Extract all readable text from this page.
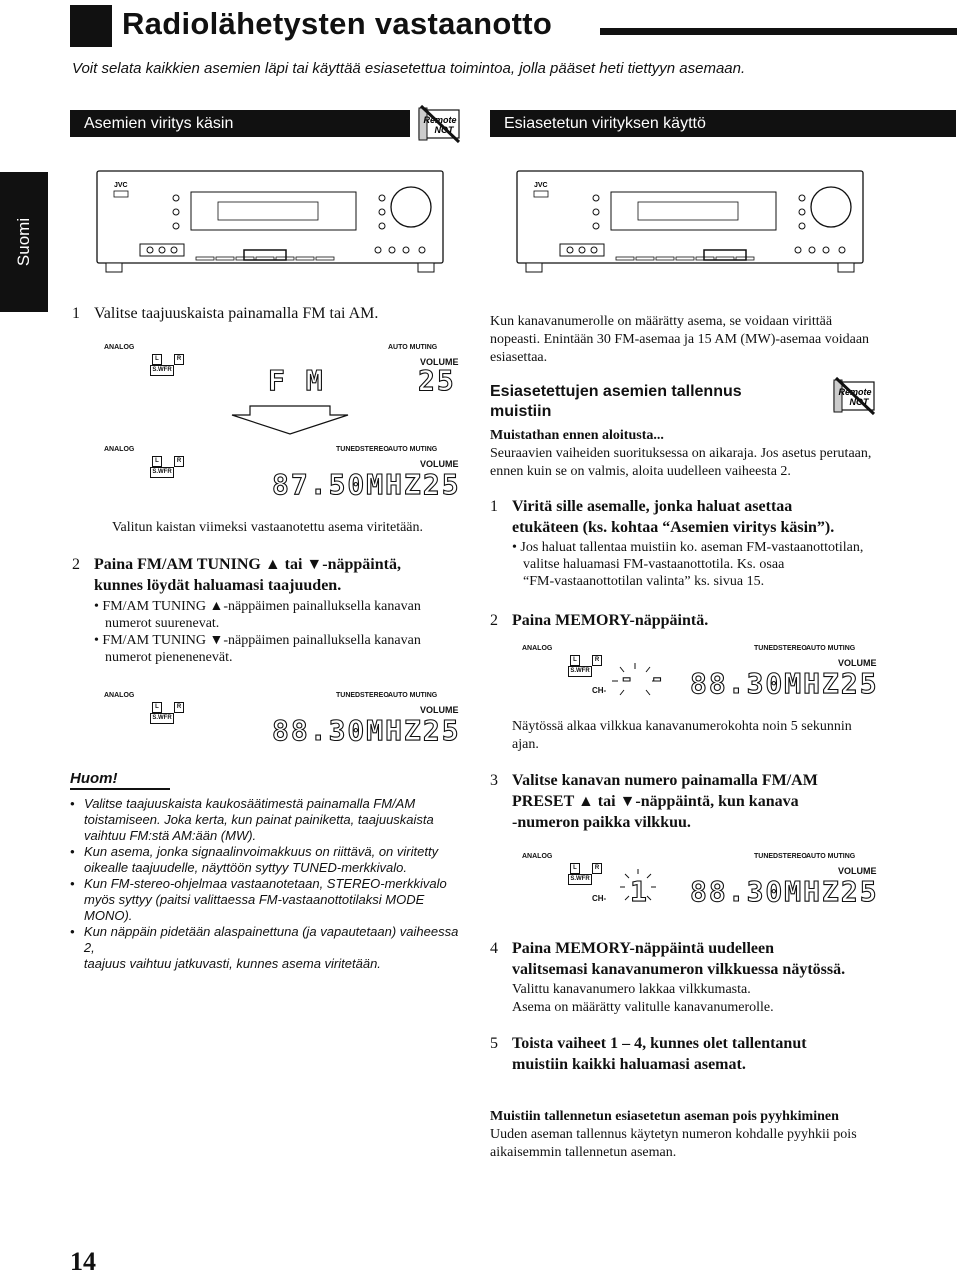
Radiolähetysten vastaanotto
Voit selata kaikkien asemien läpi tai käyttää esiasetettua toimintoa, jolla pääset heti tiettyyn asemaan.
Asemien viritys käsin	Remote
NOT	Esiasetetun virityksen käyttö
Suomi
JVC	JVC
1 Valitse taajuuskaista painamalla FM tai AM.
ANALOG
L	R
S.WFR
AUTO MUTING
VOLUME
F M	25
ANALOG
L	R
S.WFR
TUNED STEREO AUTO MUTING
VOLUME
87.50MHZ25
Valitun kaistan viimeksi vastaanotettu asema viritetään.
2 Paina FM/AM TUNING ▲ tai ▼-näppäintä,
kunnes löydät haluamasi taajuuden.
• FM/AM TUNING ▲-näppäimen painalluksella kanavan
numerot suurenevat.
• FM/AM TUNING ▼-näppäimen painalluksella kanavan
numerot pienenenevät.
ANALOG
L	R
S.WFR
TUNED STEREO AUTO MUTING
VOLUME
88.30MHZ25
Huom!
• Valitse taajuuskaista kaukosäätimestä painamalla FM/AM
toistamiseen. Joka kerta, kun painat painiketta, taajuuskaista
vaihtuu FM:stä AM:ään (MW).
• Kun asema, jonka signaalinvoimakkuus on riittävä, on viritetty
oikealle taajuudelle, näyttöön syttyy TUNED-merkkivalo.
• Kun FM-stereo-ohjelmaa vastaanotetaan, STEREO-merkkivalo
myös syttyy (paitsi valittaessa FM-vastaanottotilaksi MODE
MONO).
• Kun näppäin pidetään alaspainettuna (ja vapautetaan) vaiheessa 2,
taajuus vaihtuu jatkuvasti, kunnes asema viritetään.
Kun kanavanumerolle on määrätty asema, se voidaan virittää
nopeasti. Enintään 30 FM-asemaa ja 15 AM (MW)-asemaa voidaan
esiasettaa.
Esiasetettujen asemien tallennus
muistiin
Remote
NOT
Muistathan ennen aloitusta...
Seuraavien vaiheiden suorituksessa on aikaraja. Jos asetus perutaan,
ennen kuin se on valmis, aloita uudelleen vaiheesta 2.
1 Viritä sille asemalle, jonka haluat asettaa
etukäteen (ks. kohtaa “Asemien viritys käsin”).
• Jos haluat tallentaa muistiin ko. aseman FM-vastaanottotilan,
valitse haluamasi FM-vastaanottotila. Ks. osaa
“FM-vastaanottotilan valinta” ks. sivua 15.
2 Paina MEMORY-näppäintä.
ANALOG
L	R
S.WFR
TUNED STEREO AUTO MUTING
VOLUME
CH- - - 88.30MHZ25
Näytössä alkaa vilkkua kanavanumerokohta noin 5 sekunnin
ajan.
3 Valitse kanavan numero painamalla FM/AM
PRESET ▲ tai ▼-näppäintä, kun kanava
-numeron paikka vilkkuu.
ANALOG
L	R
S.WFR
TUNED STEREO AUTO MUTING
VOLUME
CH- 1 88.30MHZ25
4 Paina MEMORY-näppäintä uudelleen
valitsemasi kanavanumeron vilkkuessa näytössä.
Valittu kanavanumero lakkaa vilkkumasta.
Asema on määrätty valitulle kanavanumerolle.
5 Toista vaiheet 1 – 4, kunnes olet tallentanut
muistiin kaikki haluamasi asemat.
Muistiin tallennetun esiasetetun aseman pois pyyhkiminen
Uuden aseman tallennus käytetyn numeron kohdalle pyyhkii pois
aikaisemmin tallennetun aseman.
14
